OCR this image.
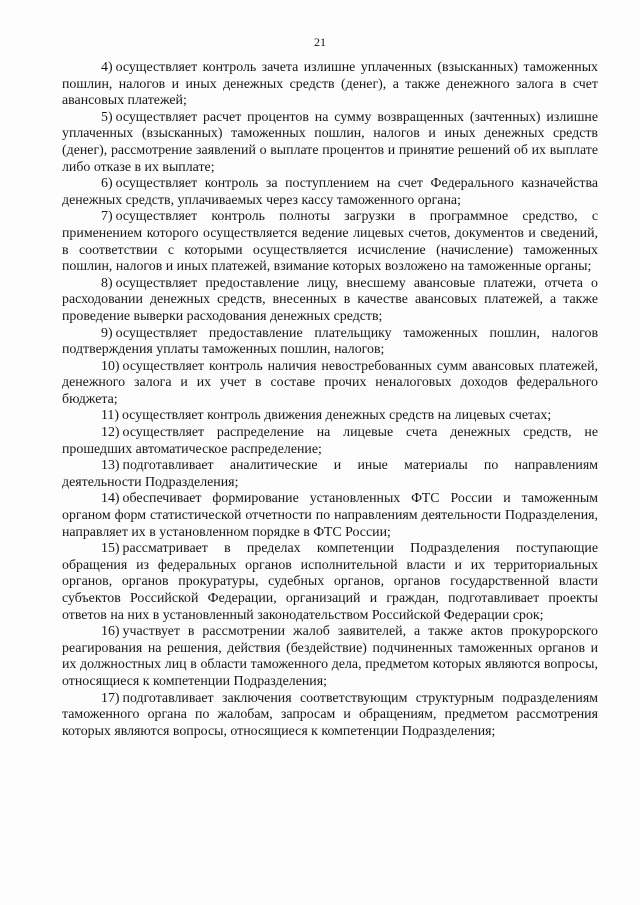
21

4) осуществляет контроль зачета излишне уплаченных (взысканных) таможенных пошлин, налогов и иных денежных средств (денег), а также денежного залога в счет авансовых платежей;

5) осуществляет расчет процентов на сумму возвращенных (зачтенных) излишне уплаченных (взысканных) таможенных пошлин, налогов и иных денежных средств (денег), рассмотрение заявлений о выплате процентов и принятие решений об их выплате либо отказе в их выплате;

6) осуществляет контроль за поступлением на счет Федерального казначейства денежных средств, уплачиваемых через кассу таможенного органа;

7) осуществляет контроль полноты загрузки в программное средство, с применением которого осуществляется ведение лицевых счетов, документов и сведений, в соответствии с которыми осуществляется исчисление (начисление) таможенных пошлин, налогов и иных платежей, взимание которых возложено на таможенные органы;

8) осуществляет предоставление лицу, внесшему авансовые платежи, отчета о расходовании денежных средств, внесенных в качестве авансовых платежей, а также проведение выверки расходования денежных средств;

9) осуществляет предоставление плательщику таможенных пошлин, налогов подтверждения уплаты таможенных пошлин, налогов;

10) осуществляет контроль наличия невостребованных сумм авансовых платежей, денежного залога и их учет в составе прочих неналоговых доходов федерального бюджета;

11) осуществляет контроль движения денежных средств на лицевых счетах;

12) осуществляет распределение на лицевые счета денежных средств, не прошедших автоматическое распределение;

13) подготавливает аналитические и иные материалы по направлениям деятельности Подразделения;

14) обеспечивает формирование установленных ФТС России и таможенным органом форм статистической отчетности по направлениям деятельности Подразделения, направляет их в установленном порядке в ФТС России;

15) рассматривает в пределах компетенции Подразделения поступающие обращения из федеральных органов исполнительной власти и их территориальных органов, органов прокуратуры, судебных органов, органов государственной власти субъектов Российской Федерации, организаций и граждан, подготавливает проекты ответов на них в установленный законодательством Российской Федерации срок;

16) участвует в рассмотрении жалоб заявителей, а также актов прокурорского реагирования на решения, действия (бездействие) подчиненных таможенных органов и их должностных лиц в области таможенного дела, предметом которых являются вопросы, относящиеся к компетенции Подразделения;

17) подготавливает заключения соответствующим структурным подразделениям таможенного органа по жалобам, запросам и обращениям, предметом рассмотрения которых являются вопросы, относящиеся к компетенции Подразделения;
